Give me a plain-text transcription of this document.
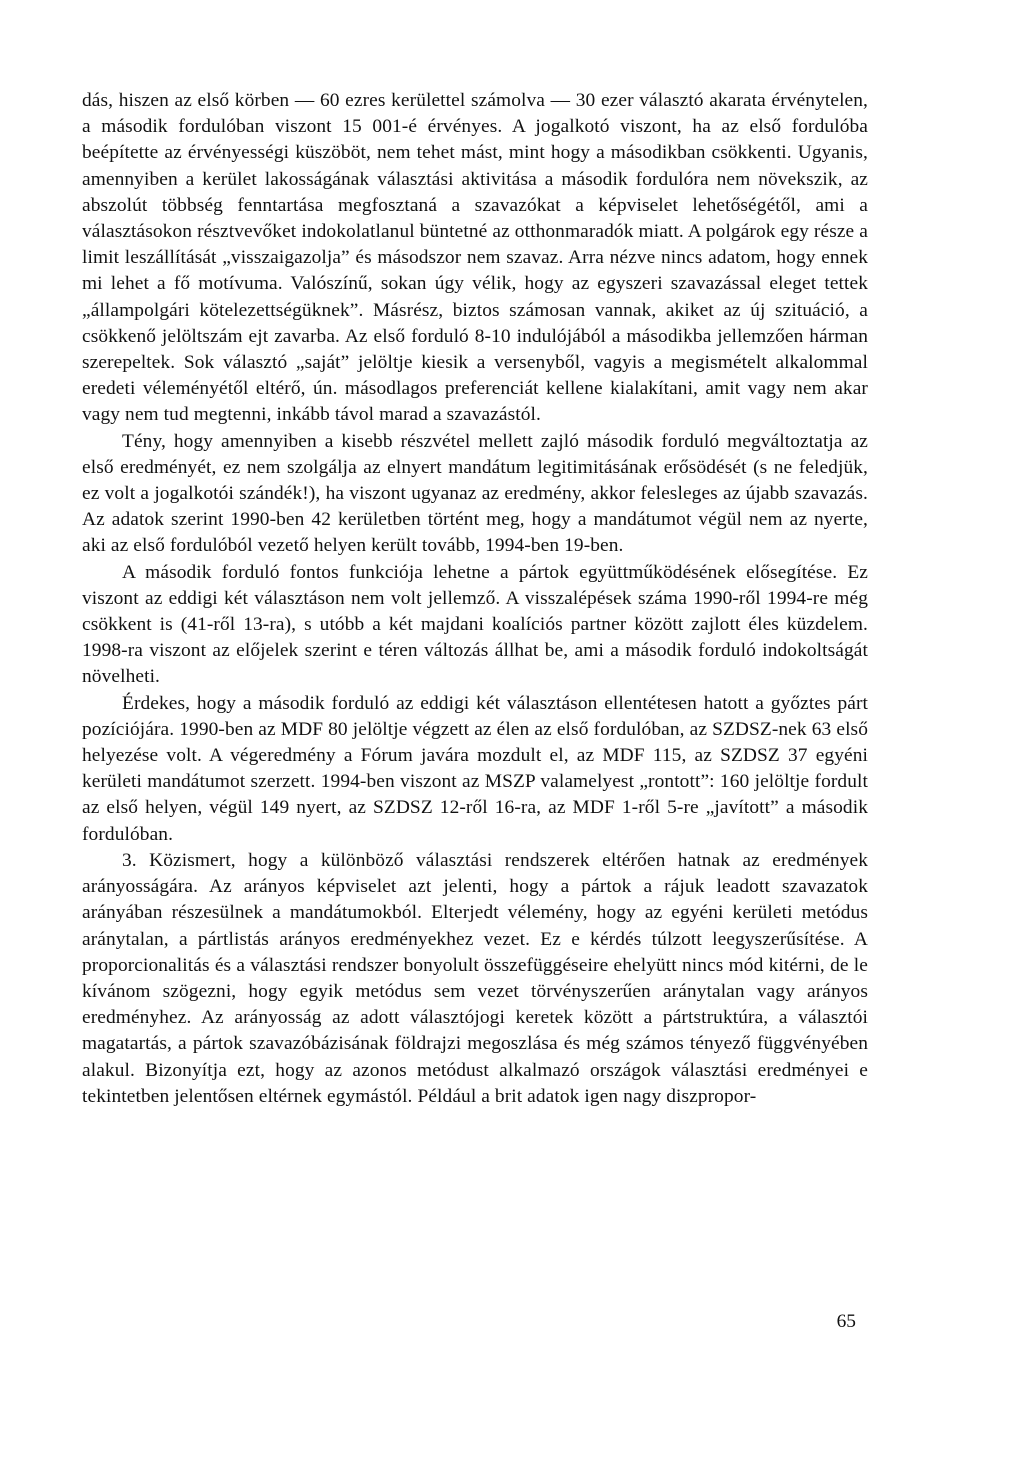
dás, hiszen az első körben — 60 ezres kerülettel számolva — 30 ezer választó akarata érvénytelen, a második fordulóban viszont 15 001-é érvényes. A jogalkotó viszont, ha az első fordulóba beépítette az érvényességi küszöböt, nem tehet mást, mint hogy a másodikban csökkenti. Ugyanis, amennyiben a kerület lakosságának választási aktivitása a második fordulóra nem növekszik, az abszolút többség fenntartása megfosztaná a szavazókat a képviselet lehetőségétől, ami a választásokon résztvevőket indokolatlanul büntetné az otthonmaradók miatt. A polgárok egy része a limit leszállítását „visszaigazolja” és másodszor nem szavaz. Arra nézve nincs adatom, hogy ennek mi lehet a fő motívuma. Valószínű, sokan úgy vélik, hogy az egyszeri szavazással eleget tettek „állampolgári kötelezettségüknek”. Másrész, biztos számosan vannak, akiket az új szituáció, a csökkenő jelöltszám ejt zavarba. Az első forduló 8-10 indulójából a másodikba jellemzően hárman szerepeltek. Sok választó „saját” jelöltje kiesik a versenyből, vagyis a megismételt alkalommal eredeti véleményétől eltérő, ún. másodlagos preferenciát kellene kialakítani, amit vagy nem akar vagy nem tud megtenni, inkább távol marad a szavazástól.

Tény, hogy amennyiben a kisebb részvétel mellett zajló második forduló megváltoztatja az első eredményét, ez nem szolgálja az elnyert mandátum legitimitásának erősödését (s ne feledjük, ez volt a jogalkotói szándék!), ha viszont ugyanaz az eredmény, akkor felesleges az újabb szavazás. Az adatok szerint 1990-ben 42 kerületben történt meg, hogy a mandátumot végül nem az nyerte, aki az első fordulóból vezető helyen került tovább, 1994-ben 19-ben.

A második forduló fontos funkciója lehetne a pártok együttműködésének elősegítése. Ez viszont az eddigi két választáson nem volt jellemző. A visszalépések száma 1990-ről 1994-re még csökkent is (41-ről 13-ra), s utóbb a két majdani koalíciós partner között zajlott éles küzdelem. 1998-ra viszont az előjelek szerint e téren változás állhat be, ami a második forduló indokoltságát növelheti.

Érdekes, hogy a második forduló az eddigi két választáson ellentétesen hatott a győztes párt pozíciójára. 1990-ben az MDF 80 jelöltje végzett az élen az első fordulóban, az SZDSZ-nek 63 első helyezése volt. A végeredmény a Fórum javára mozdult el, az MDF 115, az SZDSZ 37 egyéni kerületi mandátumot szerzett. 1994-ben viszont az MSZP valamelyest „rontott”: 160 jelöltje fordult az első helyen, végül 149 nyert, az SZDSZ 12-ről 16-ra, az MDF 1-ről 5-re „javított” a második fordulóban.

3. Közismert, hogy a különböző választási rendszerek eltérően hatnak az eredmények arányosságára. Az arányos képviselet azt jelenti, hogy a pártok a rájuk leadott szavazatok arányában részesülnek a mandátumokból. Elterjedt vélemény, hogy az egyéni kerületi metódus aránytalan, a pártlistás arányos eredményekhez vezet. Ez e kérdés túlzott leegyszerűsítése. A proporcionalitás és a választási rendszer bonyolult összefüggéseire ehelyütt nincs mód kitérni, de le kívánom szögezni, hogy egyik metódus sem vezet törvényszerűen aránytalan vagy arányos eredményhez. Az arányosság az adott választójogi keretek között a pártstruktúra, a választói magatartás, a pártok szavazóbázisának földrajzi megoszlása és még számos tényező függvényében alakul. Bizonyítja ezt, hogy az azonos metódust alkalmazó országok választási eredményei e tekintetben jelentősen eltérnek egymástól. Például a brit adatok igen nagy diszpropor-

65
